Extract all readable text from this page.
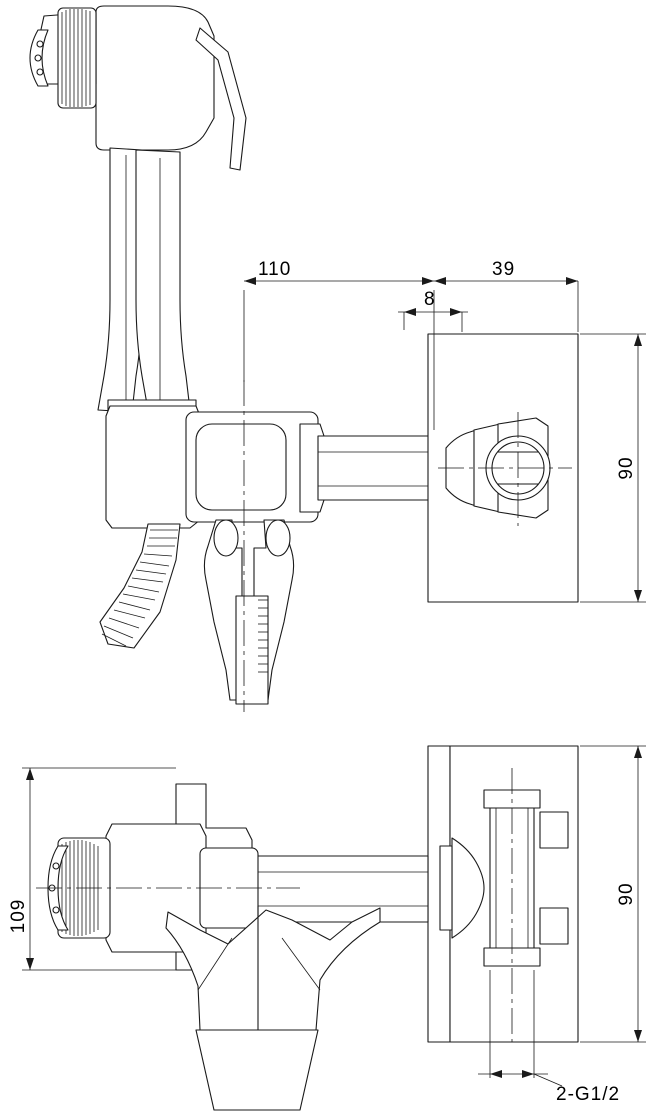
110	39
8
90
109
90
2-G1/2
